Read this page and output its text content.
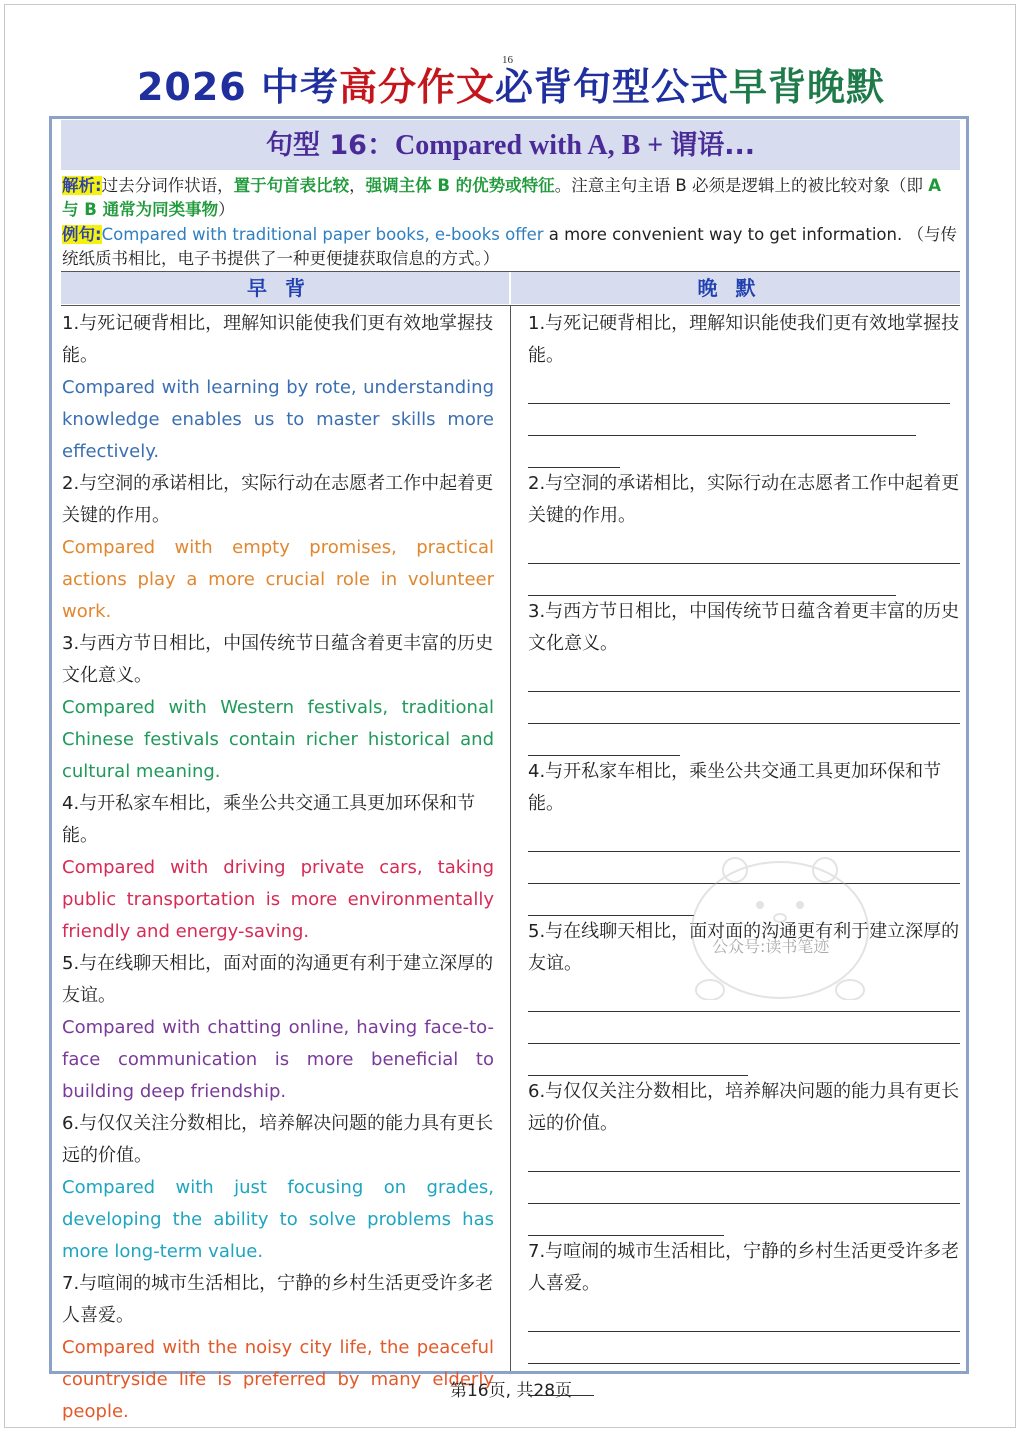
16
2026 中考高分作文必背句型公式早背晚默
句型 16：Compared with A, B + 谓语...
解析:过去分词作状语，置于句首表比较，强调主体 B 的优势或特征。注意主句主语 B 必须是逻辑上的被比较对象（即 A 与 B 通常为同类事物）
例句:Compared with traditional paper books, e-books offer a more convenient way to get information. （与传统纸质书相比，电子书提供了一种更便捷获取信息的方式。）
早背	晚默
1.与死记硬背相比，理解知识能使我们更有效地掌握技能。
Compared with learning by rote, understanding knowledge enables us to master skills more effectively.
2.与空洞的承诺相比，实际行动在志愿者工作中起着更关键的作用。
Compared with empty promises, practical actions play a more crucial role in volunteer work.
3.与西方节日相比，中国传统节日蕴含着更丰富的历史文化意义。
Compared with Western festivals, traditional Chinese festivals contain richer historical and cultural meaning.
4.与开私家车相比，乘坐公共交通工具更加环保和节能。
Compared with driving private cars, taking public transportation is more environmentally friendly and energy-saving.
5.与在线聊天相比，面对面的沟通更有利于建立深厚的友谊。
Compared with chatting online, having face-to-face communication is more beneficial to building deep friendship.
6.与仅仅关注分数相比，培养解决问题的能力具有更长远的价值。
Compared with just focusing on grades, developing the ability to solve problems has more long-term value.
7.与喧闹的城市生活相比，宁静的乡村生活更受许多老人喜爱。
Compared with the noisy city life, the peaceful countryside life is preferred by many elderly people.
1.与死记硬背相比，理解知识能使我们更有效地掌握技能。
2.与空洞的承诺相比，实际行动在志愿者工作中起着更关键的作用。
3.与西方节日相比，中国传统节日蕴含着更丰富的历史文化意义。
4.与开私家车相比，乘坐公共交通工具更加环保和节能。
5.与在线聊天相比，面对面的沟通更有利于建立深厚的友谊。
6.与仅仅关注分数相比，培养解决问题的能力具有更长远的价值。
7.与喧闹的城市生活相比，宁静的乡村生活更受许多老人喜爱。
公众号:读书笔迹
第16页, 共28页
